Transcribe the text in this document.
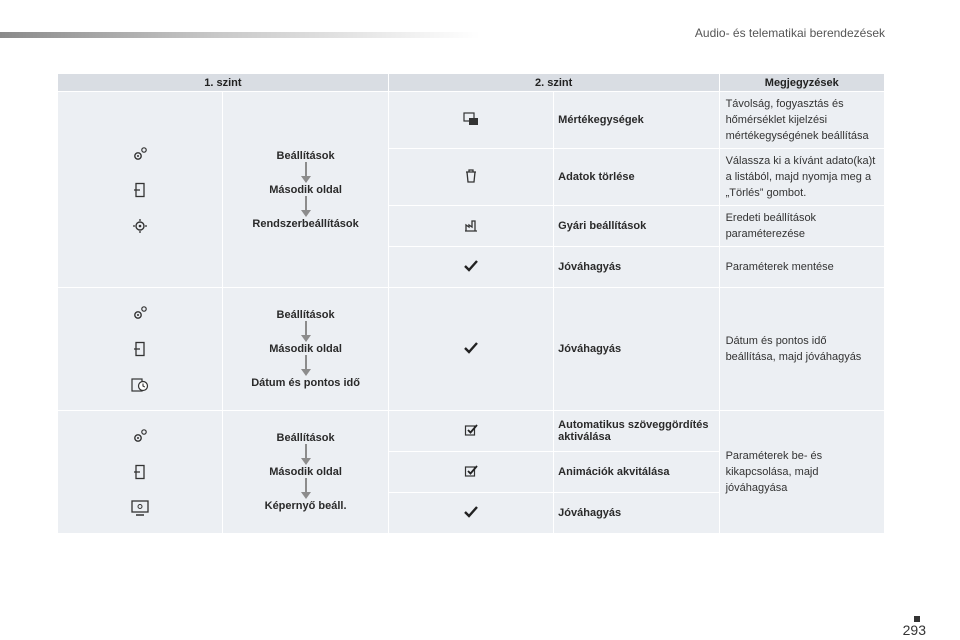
Audio- és telematikai berendezések
1. szint		2. szint		Megjegyzések

Beállítások
Második oldal
Rendszerbeállítások		Mértékegységek	Távolság, fogyasztás és hőmérséklet kijelzési mértékegységének beállítása
	Adatok törlése	Válassza ki a kívánt adato(ka)t a listából, majd nyomja meg a „Törlés” gombot.
	Gyári beállítások	Eredeti beállítások paraméterezése
	Jóváhagyás	Paraméterek mentése

Beállítások
Második oldal
Dátum és pontos idő		Jóváhagyás	Dátum és pontos idő beállítása, majd jóváhagyás

Beállítások
Második oldal
Képernyő beáll.		Automatikus szöveggördítés aktiválása	Paraméterek be- és kikapcsolása, majd jóváhagyása
	Animációk akvitálása	
	Jóváhagyás	
293
